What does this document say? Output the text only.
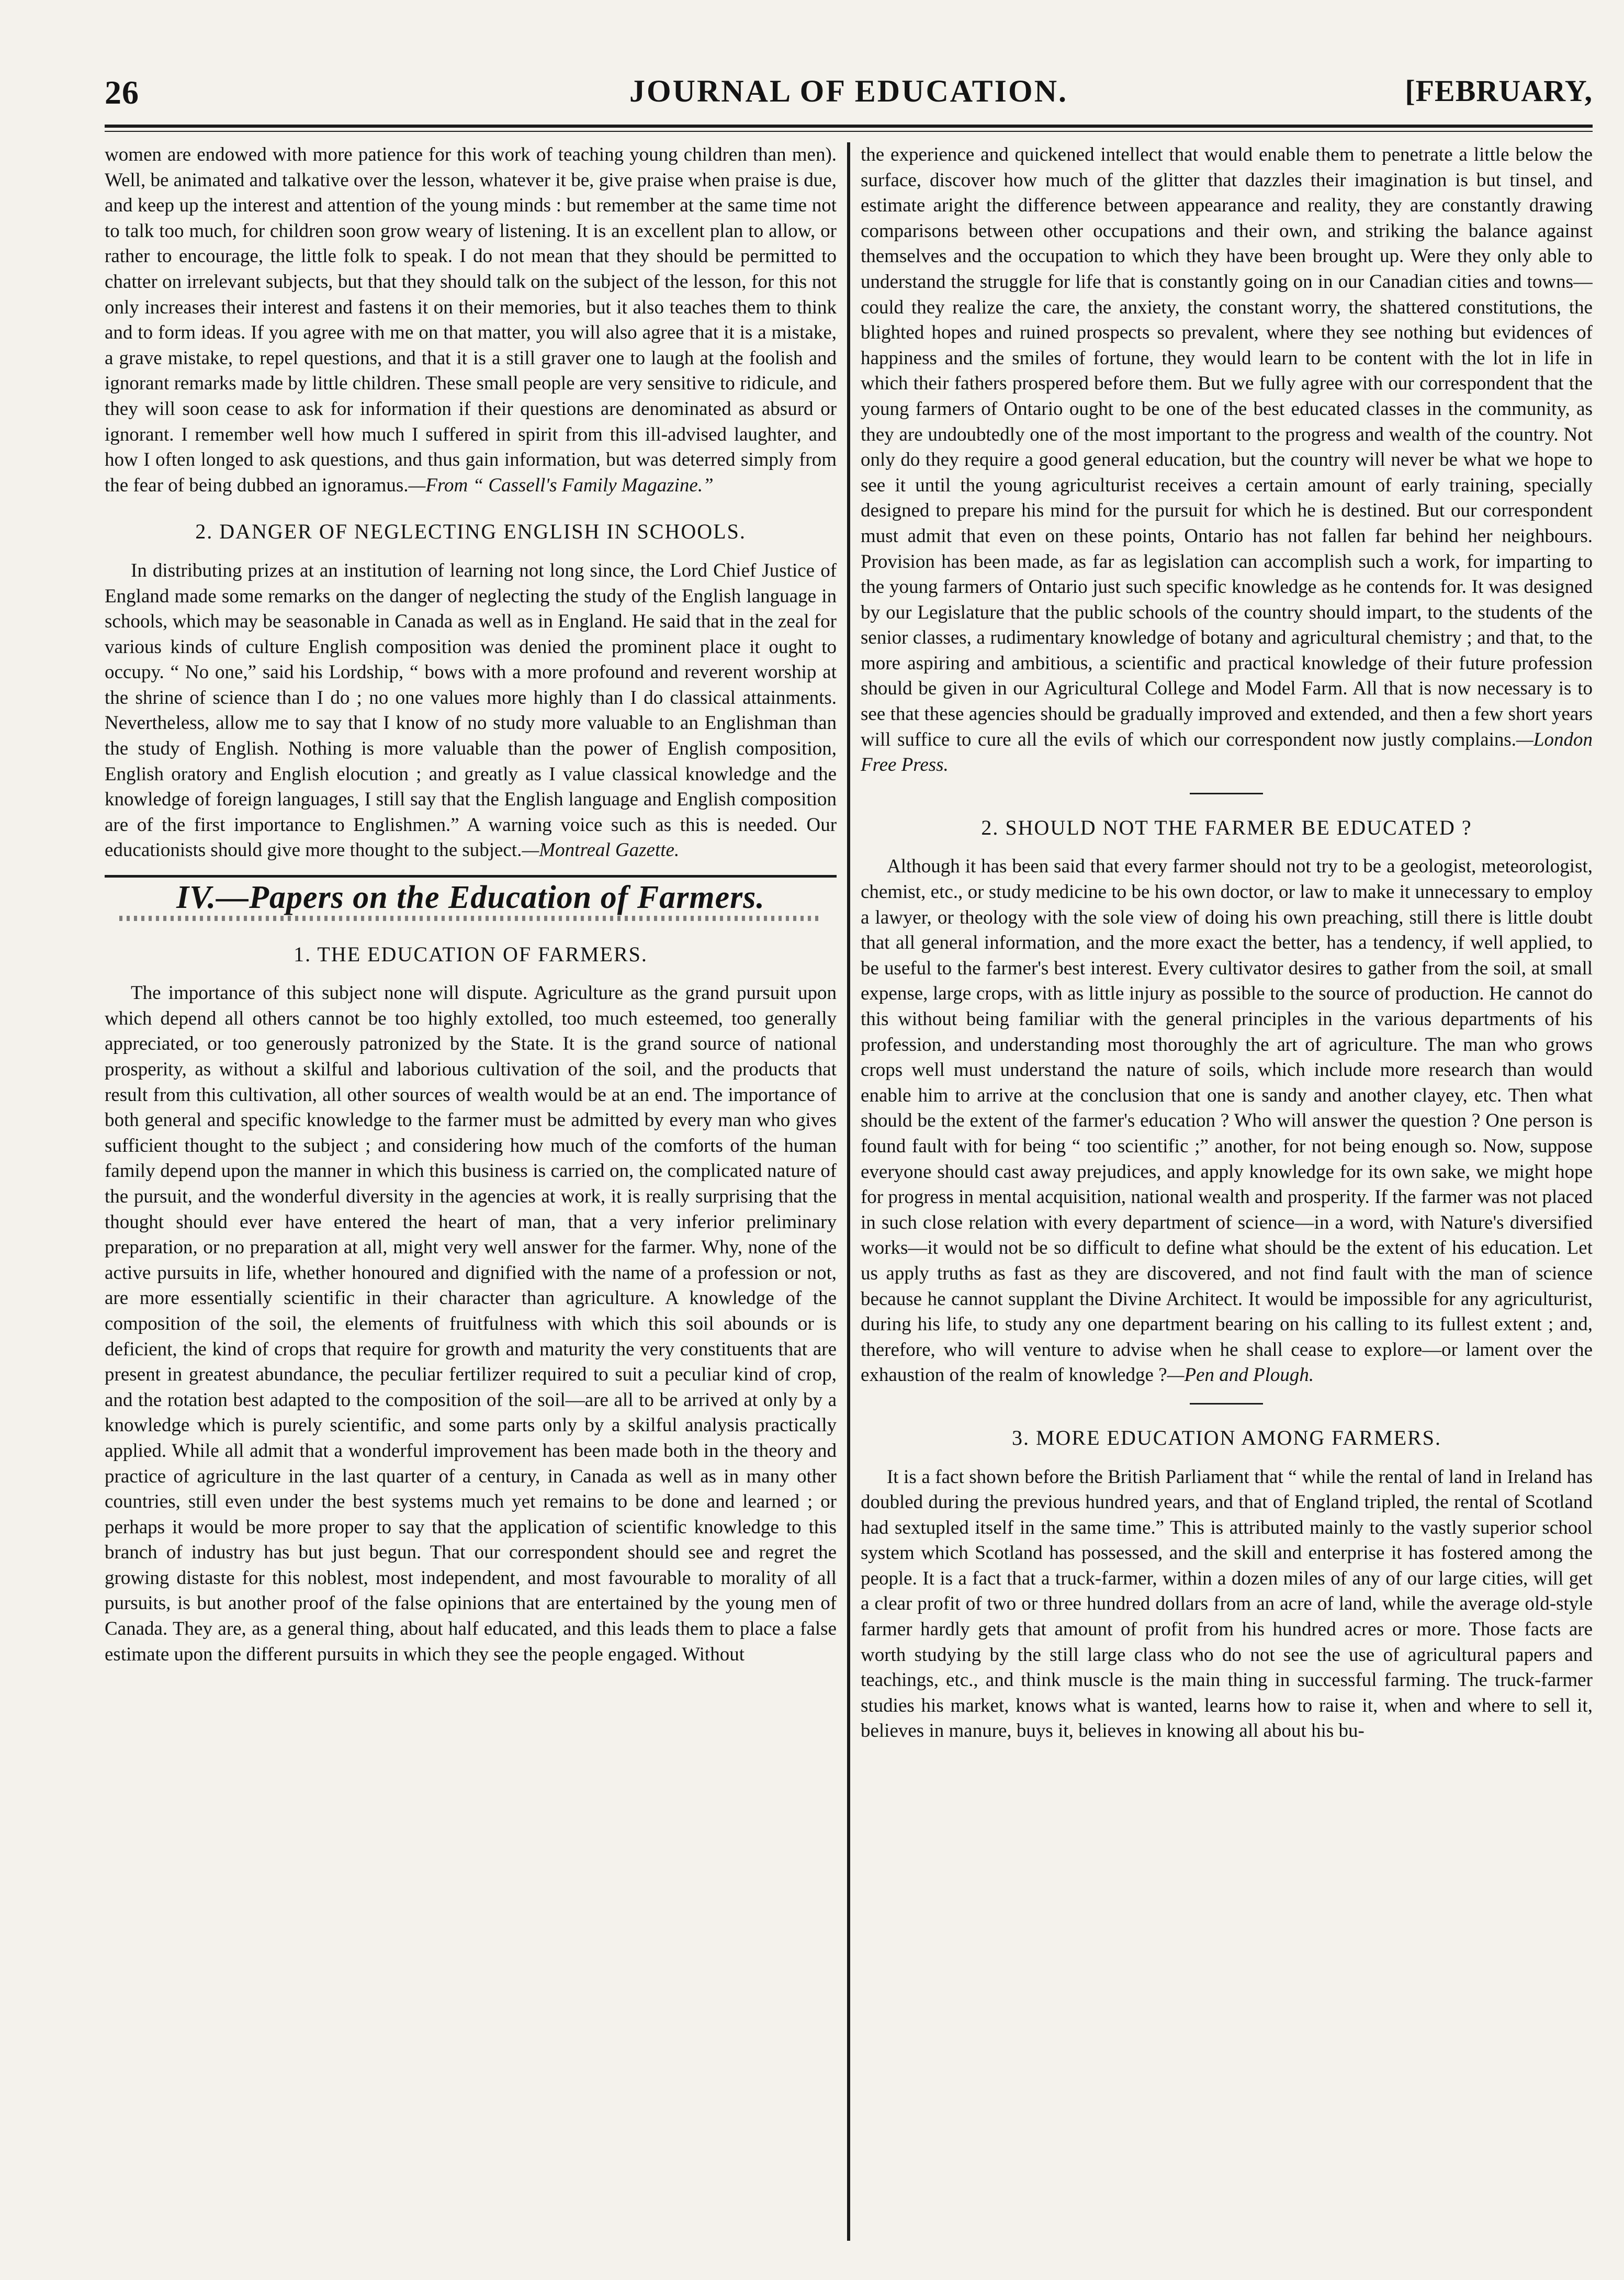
26	JOURNAL OF EDUCATION.	[FEBRUARY,

women are endowed with more patience for this work of teaching young children than men). Well, be animated and talkative over the lesson, whatever it be, give praise when praise is due, and keep up the interest and attention of the young minds : but remember at the same time not to talk too much, for children soon grow weary of listening. It is an excellent plan to allow, or rather to encourage, the little folk to speak. I do not mean that they should be permitted to chatter on irrelevant subjects, but that they should talk on the subject of the lesson, for this not only increases their interest and fastens it on their memories, but it also teaches them to think and to form ideas. If you agree with me on that matter, you will also agree that it is a mistake, a grave mistake, to repel questions, and that it is a still graver one to laugh at the foolish and ignorant remarks made by little children. These small people are very sensitive to ridicule, and they will soon cease to ask for information if their questions are denominated as absurd or ignorant. I remember well how much I suffered in spirit from this ill-advised laughter, and how I often longed to ask questions, and thus gain information, but was deterred simply from the fear of being dubbed an ignoramus.—From “ Cassell's Family Magazine.”

2. DANGER OF NEGLECTING ENGLISH IN SCHOOLS.

In distributing prizes at an institution of learning not long since, the Lord Chief Justice of England made some remarks on the danger of neglecting the study of the English language in schools, which may be seasonable in Canada as well as in England. He said that in the zeal for various kinds of culture English composition was denied the prominent place it ought to occupy. “ No one,” said his Lordship, “ bows with a more profound and reverent worship at the shrine of science than I do ; no one values more highly than I do classical attainments. Nevertheless, allow me to say that I know of no study more valuable to an Englishman than the study of English. Nothing is more valuable than the power of English composition, English oratory and English elocution ; and greatly as I value classical knowledge and the knowledge of foreign languages, I still say that the English language and English composition are of the first importance to Englishmen.” A warning voice such as this is needed. Our educationists should give more thought to the subject.—Montreal Gazette.

IV.—Papers on the Education of Farmers.
1. THE EDUCATION OF FARMERS.

The importance of this subject none will dispute. Agriculture as the grand pursuit upon which depend all others cannot be too highly extolled, too much esteemed, too generally appreciated, or too generously patronized by the State. It is the grand source of national prosperity, as without a skilful and laborious cultivation of the soil, and the products that result from this cultivation, all other sources of wealth would be at an end. The importance of both general and specific knowledge to the farmer must be admitted by every man who gives sufficient thought to the subject ; and considering how much of the comforts of the human family depend upon the manner in which this business is carried on, the complicated nature of the pursuit, and the wonderful diversity in the agencies at work, it is really surprising that the thought should ever have entered the heart of man, that a very inferior preliminary preparation, or no preparation at all, might very well answer for the farmer. Why, none of the active pursuits in life, whether honoured and dignified with the name of a profession or not, are more essentially scientific in their character than agriculture. A knowledge of the composition of the soil, the elements of fruitfulness with which this soil abounds or is deficient, the kind of crops that require for growth and maturity the very constituents that are present in greatest abundance, the peculiar fertilizer required to suit a peculiar kind of crop, and the rotation best adapted to the composition of the soil—are all to be arrived at only by a knowledge which is purely scientific, and some parts only by a skilful analysis practically applied. While all admit that a wonderful improvement has been made both in the theory and practice of agriculture in the last quarter of a century, in Canada as well as in many other countries, still even under the best systems much yet remains to be done and learned ; or perhaps it would be more proper to say that the application of scientific knowledge to this branch of industry has but just begun. That our correspondent should see and regret the growing distaste for this noblest, most independent, and most favourable to morality of all pursuits, is but another proof of the false opinions that are entertained by the young men of Canada. They are, as a general thing, about half educated, and this leads them to place a false estimate upon the different pursuits in which they see the people engaged. Without

the experience and quickened intellect that would enable them to penetrate a little below the surface, discover how much of the glitter that dazzles their imagination is but tinsel, and estimate aright the difference between appearance and reality, they are constantly drawing comparisons between other occupations and their own, and striking the balance against themselves and the occupation to which they have been brought up. Were they only able to understand the struggle for life that is constantly going on in our Canadian cities and towns—could they realize the care, the anxiety, the constant worry, the shattered constitutions, the blighted hopes and ruined prospects so prevalent, where they see nothing but evidences of happiness and the smiles of fortune, they would learn to be content with the lot in life in which their fathers prospered before them. But we fully agree with our correspondent that the young farmers of Ontario ought to be one of the best educated classes in the community, as they are undoubtedly one of the most important to the progress and wealth of the country. Not only do they require a good general education, but the country will never be what we hope to see it until the young agriculturist receives a certain amount of early training, specially designed to prepare his mind for the pursuit for which he is destined. But our correspondent must admit that even on these points, Ontario has not fallen far behind her neighbours. Provision has been made, as far as legislation can accomplish such a work, for imparting to the young farmers of Ontario just such specific knowledge as he contends for. It was designed by our Legislature that the public schools of the country should impart, to the students of the senior classes, a rudimentary knowledge of botany and agricultural chemistry ; and that, to the more aspiring and ambitious, a scientific and practical knowledge of their future profession should be given in our Agricultural College and Model Farm. All that is now necessary is to see that these agencies should be gradually improved and extended, and then a few short years will suffice to cure all the evils of which our correspondent now justly complains.—London Free Press.

2. SHOULD NOT THE FARMER BE EDUCATED ?

Although it has been said that every farmer should not try to be a geologist, meteorologist, chemist, etc., or study medicine to be his own doctor, or law to make it unnecessary to employ a lawyer, or theology with the sole view of doing his own preaching, still there is little doubt that all general information, and the more exact the better, has a tendency, if well applied, to be useful to the farmer's best interest. Every cultivator desires to gather from the soil, at small expense, large crops, with as little injury as possible to the source of production. He cannot do this without being familiar with the general principles in the various departments of his profession, and understanding most thoroughly the art of agriculture. The man who grows crops well must understand the nature of soils, which include more research than would enable him to arrive at the conclusion that one is sandy and another clayey, etc. Then what should be the extent of the farmer's education ? Who will answer the question ? One person is found fault with for being “ too scientific ;” another, for not being enough so. Now, suppose everyone should cast away prejudices, and apply knowledge for its own sake, we might hope for progress in mental acquisition, national wealth and prosperity. If the farmer was not placed in such close relation with every department of science—in a word, with Nature's diversified works—it would not be so difficult to define what should be the extent of his education. Let us apply truths as fast as they are discovered, and not find fault with the man of science because he cannot supplant the Divine Architect. It would be impossible for any agriculturist, during his life, to study any one department bearing on his calling to its fullest extent ; and, therefore, who will venture to advise when he shall cease to explore—or lament over the exhaustion of the realm of knowledge ?—Pen and Plough.

3. MORE EDUCATION AMONG FARMERS.

It is a fact shown before the British Parliament that “ while the rental of land in Ireland has doubled during the previous hundred years, and that of England tripled, the rental of Scotland had sextupled itself in the same time.” This is attributed mainly to the vastly superior school system which Scotland has possessed, and the skill and enterprise it has fostered among the people. It is a fact that a truck-farmer, within a dozen miles of any of our large cities, will get a clear profit of two or three hundred dollars from an acre of land, while the average old-style farmer hardly gets that amount of profit from his hundred acres or more. Those facts are worth studying by the still large class who do not see the use of agricultural papers and teachings, etc., and think muscle is the main thing in successful farming. The truck-farmer studies his market, knows what is wanted, learns how to raise it, when and where to sell it, believes in manure, buys it, believes in knowing all about his bu-
